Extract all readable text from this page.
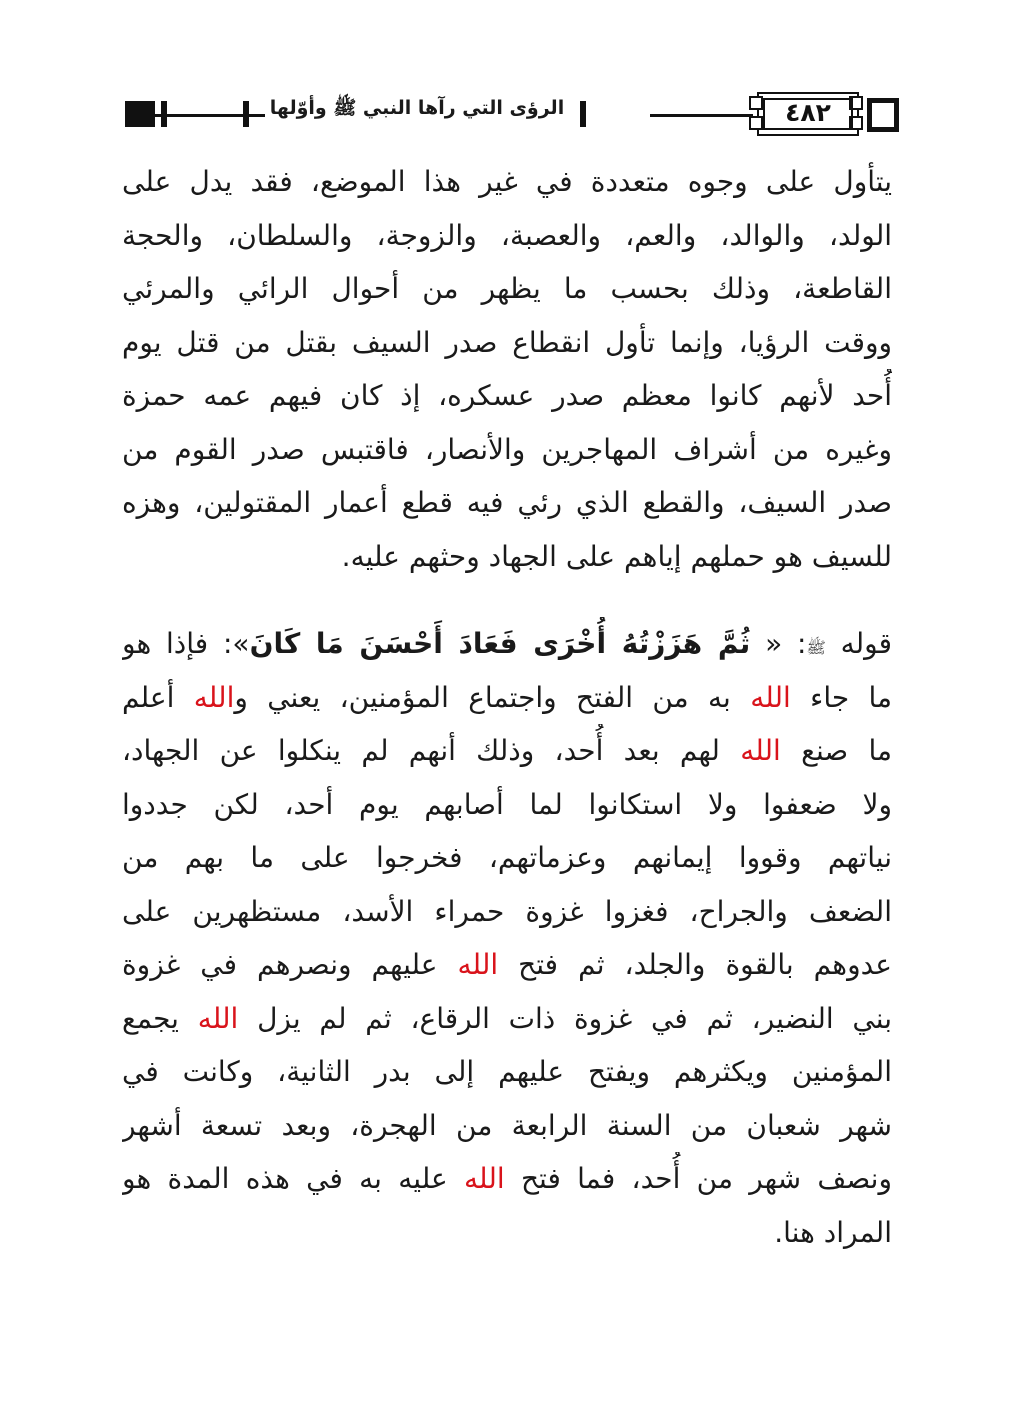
الرؤى التي رآها النبي ﷺ وأوّلها	٤٨٢
يتأول على وجوه متعددة في غير هذا الموضع، فقد يدل على
الولد، والوالد، والعم، والعصبة، والزوجة، والسلطان، والحجة
القاطعة، وذلك بحسب ما يظهر من أحوال الرائي والمرئي
ووقت الرؤيا، وإنما تأول انقطاع صدر السيف بقتل من قتل يوم
أُحد لأنهم كانوا معظم صدر عسكره، إذ كان فيهم عمه حمزة
وغيره من أشراف المهاجرين والأنصار، فاقتبس صدر القوم من
صدر السيف، والقطع الذي رئي فيه قطع أعمار المقتولين، وهزه
للسيف هو حملهم إياهم على الجهاد وحثهم عليه.
قوله ﷺ: « ثُمَّ هَزَزْتُهُ أُخْرَى فَعَادَ أَحْسَنَ مَا كَانَ»: فإذا هو
ما جاء الله به من الفتح واجتماع المؤمنين، يعني والله أعلم
ما صنع الله لهم بعد أُحد، وذلك أنهم لم ينكلوا عن الجهاد،
ولا ضعفوا ولا استكانوا لما أصابهم يوم أحد، لكن جددوا
نياتهم وقووا إيمانهم وعزماتهم، فخرجوا على ما بهم من
الضعف والجراح، فغزوا غزوة حمراء الأسد، مستظهرين على
عدوهم بالقوة والجلد، ثم فتح الله عليهم ونصرهم في غزوة
بني النضير، ثم في غزوة ذات الرقاع، ثم لم يزل الله يجمع
المؤمنين ويكثرهم ويفتح عليهم إلى بدر الثانية، وكانت في
شهر شعبان من السنة الرابعة من الهجرة، وبعد تسعة أشهر
ونصف شهر من أُحد، فما فتح الله عليه به في هذه المدة هو
المراد هنا.
